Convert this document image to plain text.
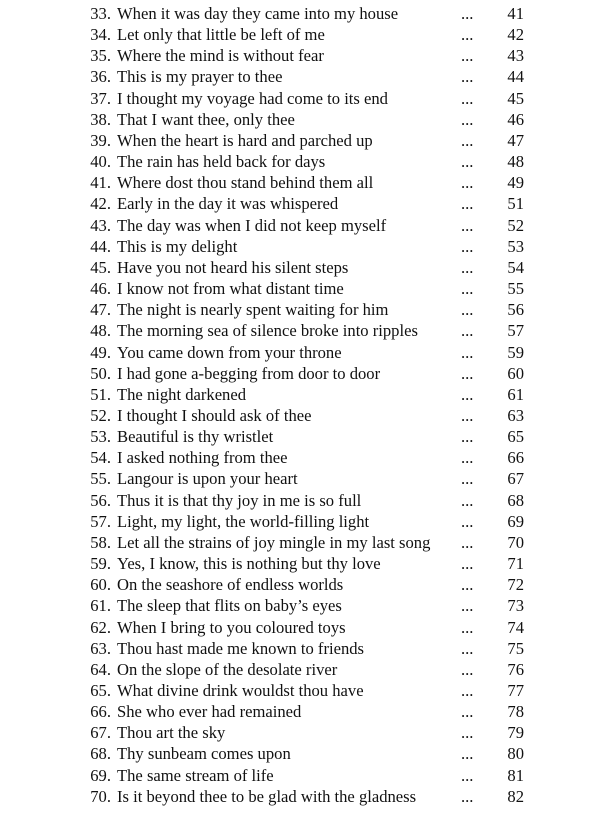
33. When it was day they came into my house	... 41
34. Let only that little be left of me	... 42
35. Where the mind is without fear	... 43
36. This is my prayer to thee	... 44
37. I thought my voyage had come to its end	... 45
38. That I want thee, only thee	... 46
39. When the heart is hard and parched up	... 47
40. The rain has held back for days	... 48
41. Where dost thou stand behind them all	... 49
42. Early in the day it was whispered	... 51
43. The day was when I did not keep myself	... 52
44. This is my delight	... 53
45. Have you not heard his silent steps	... 54
46. I know not from what distant time	... 55
47. The night is nearly spent waiting for him	... 56
48. The morning sea of silence broke into ripples	... 57
49. You came down from your throne	... 59
50. I had gone a-begging from door to door	... 60
51. The night darkened	... 61
52. I thought I should ask of thee	... 63
53. Beautiful is thy wristlet	... 65
54. I asked nothing from thee	... 66
55. Langour is upon your heart	... 67
56. Thus it is that thy joy in me is so full	... 68
57. Light, my light, the world-filling light	... 69
58. Let all the strains of joy mingle in my last song ... 70
59. Yes, I know, this is nothing but thy love	... 71
60. On the seashore of endless worlds	... 72
61. The sleep that flits on baby’s eyes	... 73
62. When I bring to you coloured toys	... 74
63. Thou hast made me known to friends	... 75
64. On the slope of the desolate river	... 76
65. What divine drink wouldst thou have	... 77
66. She who ever had remained	... 78
67. Thou art the sky	... 79
68. Thy sunbeam comes upon	... 80
69. The same stream of life	... 81
70. Is it beyond thee to be glad with the gladness	... 82
